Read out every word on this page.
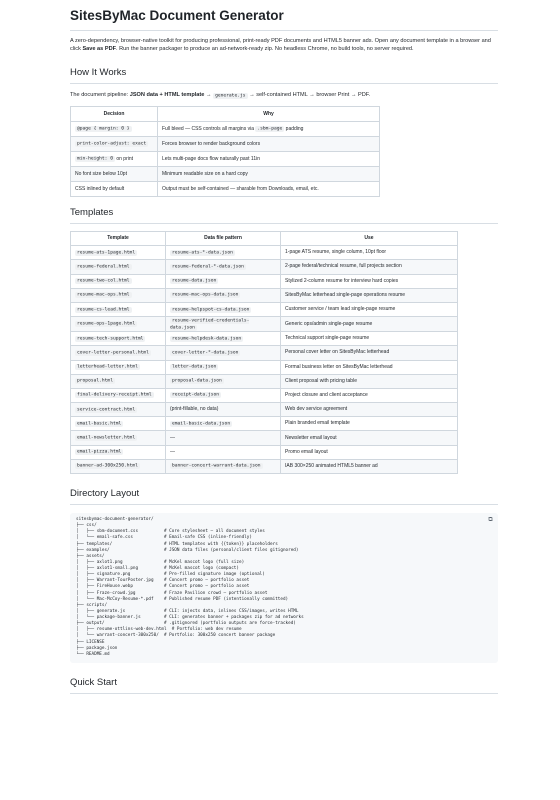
SitesByMac Document Generator

A zero-dependency, browser-native toolkit for producing professional, print-ready PDF documents and HTML5 banner ads. Open any document template in a browser and click Save as PDF. Run the banner packager to produce an ad-network-ready zip. No headless Chrome, no build tools, no server required.

How It Works

The document pipeline: JSON data + HTML template → generate.js → self-contained HTML → browser Print → PDF.

Decision	Why
@page { margin: 0 }	Full bleed — CSS controls all margins via .sbm-page padding
print-color-adjust: exact	Forces browser to render background colors
min-height: 0 on print	Lets multi-page docs flow naturally past 11in
No font size below 10pt	Minimum readable size on a hard copy
CSS inlined by default	Output must be self-contained — sharable from Downloads, email, etc.
Templates
Template	Data file pattern	Use
resume-ats-1page.html	resume-ats-*-data.json	1-page ATS resume, single column, 10pt floor
resume-federal.html	resume-federal-*-data.json	2-page federal/technical resume, full projects section
resume-two-col.html	resume-data.json	Stylized 2-column resume for interview hard copies
resume-mac-ops.html	resume-mac-ops-data.json	SitesByMac letterhead single-page operations resume
resume-cs-lead.html	resume-helpspot-cs-data.json	Customer service / team lead single-page resume
resume-ops-1page.html	resume-verified-credentials-data.json	Generic ops/admin single-page resume
resume-tech-support.html	resume-helpdesk-data.json	Technical support single-page resume
cover-letter-personal.html	cover-letter-*-data.json	Personal cover letter on SitesByMac letterhead
letterhead-letter.html	letter-data.json	Formal business letter on SitesByMac letterhead
proposal.html	proposal-data.json	Client proposal with pricing table
final-delivery-receipt.html	receipt-data.json	Project closure and client acceptance
service-contract.html	(print-fillable, no data)	Web dev service agreement
email-basic.html	email-basic-data.json	Plain branded email template
email-newsletter.html	—	Newsletter email layout
email-pizza.html	—	Promo email layout
banner-ad-300x250.html	banner-concert-warrant-data.json	IAB 300×250 animated HTML5 banner ad
Directory Layout
⧉
sitesbymac-document-generator/
├── css/
│   ├── sbm-document.css          # Core stylesheet — all document styles
│   └── email-safe.css            # Email-safe CSS (inline-friendly)
├── templates/                    # HTML templates with {{token}} placeholders
├── examples/                     # JSON data files (personal/client files gitignored)
├── assets/
│   ├── axlot1.png                # McKel mascot logo (full size)
│   ├── axlot1-small.png          # McKel mascot logo (compact)
│   ├── signature.png             # Pre-filled signature image (optional)
│   ├── Warrant-TourPoster.jpg    # Concert promo — portfolio asset
│   ├── FireHouse.webp            # Concert promo — portfolio asset
│   ├── Fraze-crowd.jpg           # Fraze Pavilion crowd — portfolio asset
│   └── Mac-McCoy-Resume-*.pdf    # Published resume PDF (intentionally committed)
├── scripts/
│   ├── generate.js               # CLI: injects data, inlines CSS/images, writes HTML
│   └── package-banner.js         # CLI: generates banner + packages zip for ad networks
├── output/                       # .gitignored (portfolio outputs are force-tracked)
│   ├── resume-ottlins-web-dev.html  # Portfolio: web dev resume
│   └── warrant-concert-300x250/  # Portfolio: 300x250 concert banner package
├── LICENSE
├── package.json
└── README.md
Quick Start
